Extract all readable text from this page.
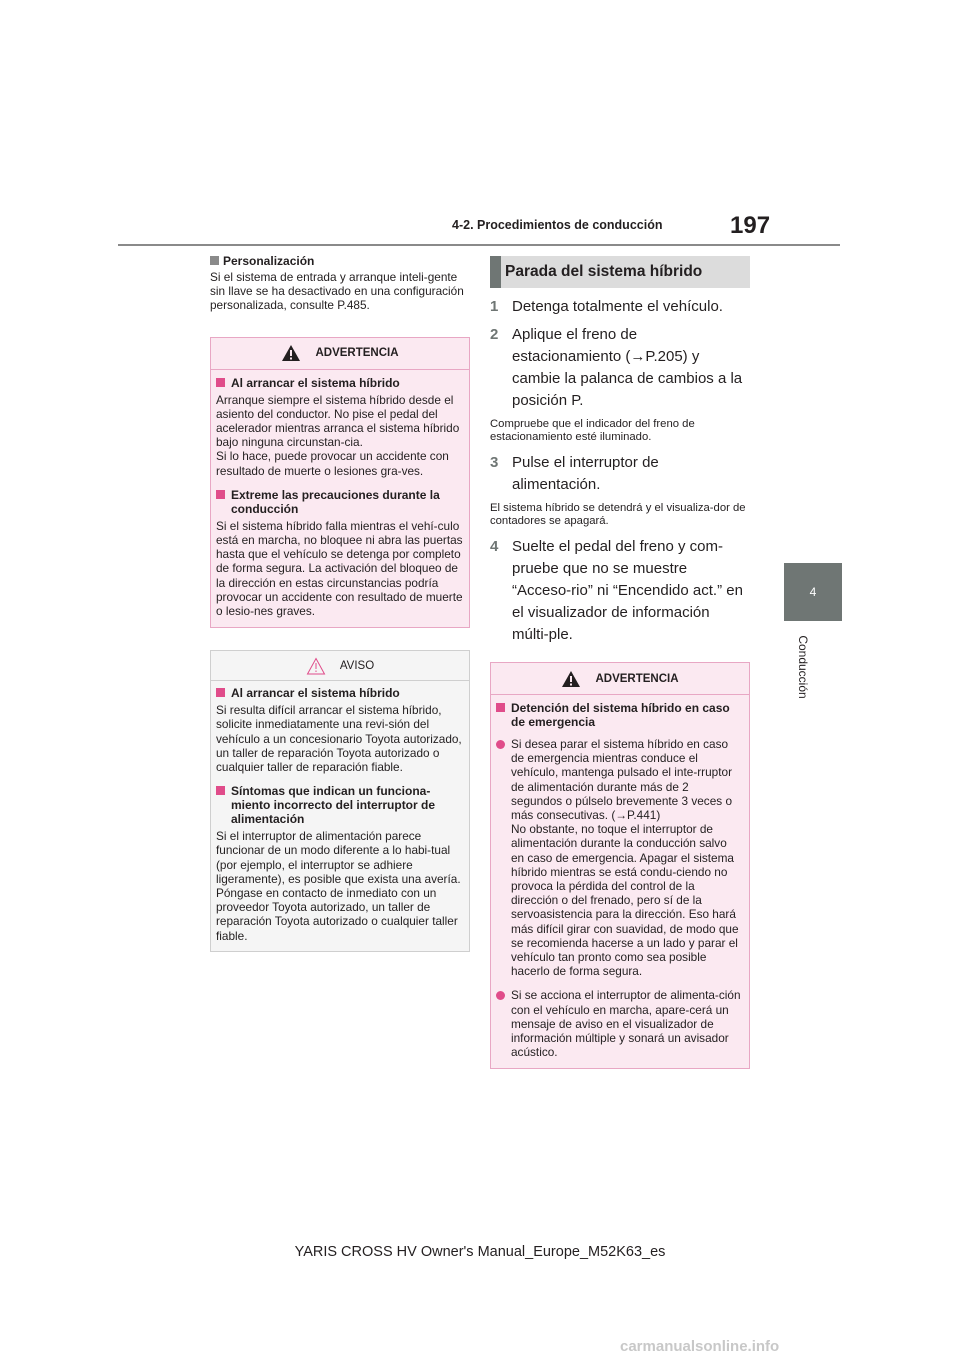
4-2. Procedimientos de conducción	197
4
Conducción
Personalización
Si el sistema de entrada y arranque inteli-gente sin llave se ha desactivado en una configuración personalizada, consulte P.485.
ADVERTENCIA
Al arrancar el sistema híbrido
Arranque siempre el sistema híbrido desde el asiento del conductor. No pise el pedal del acelerador mientras arranca el sistema híbrido bajo ninguna circunstan-cia.
Si lo hace, puede provocar un accidente con resultado de muerte o lesiones gra-ves.
Extreme las precauciones durante la conducción
Si el sistema híbrido falla mientras el vehí-culo está en marcha, no bloquee ni abra las puertas hasta que el vehículo se detenga por completo de forma segura. La activación del bloqueo de la dirección en estas circunstancias podría provocar un accidente con resultado de muerte o lesio-nes graves.
AVISO
Al arrancar el sistema híbrido
Si resulta difícil arrancar el sistema híbrido, solicite inmediatamente una revi-sión del vehículo a un concesionario Toyota autorizado, un taller de reparación Toyota autorizado o cualquier taller de reparación fiable.
Síntomas que indican un funciona-miento incorrecto del interruptor de alimentación
Si el interruptor de alimentación parece funcionar de un modo diferente a lo habi-tual (por ejemplo, el interruptor se adhiere ligeramente), es posible que exista una avería. Póngase en contacto de inmediato con un proveedor Toyota autorizado, un taller de reparación Toyota autorizado o cualquier taller fiable.
Parada del sistema híbrido
1 Detenga totalmente el vehículo.
2 Aplique el freno de estacionamiento (→P.205) y cambie la palanca de cambios a la posición P.
Compruebe que el indicador del freno de estacionamiento esté iluminado.
3 Pulse el interruptor de alimentación.
El sistema híbrido se detendrá y el visualiza-dor de contadores se apagará.
4 Suelte el pedal del freno y com-pruebe que no se muestre “Acceso-rio” ni “Encendido act.” en el visualizador de información múlti-ple.
ADVERTENCIA
Detención del sistema híbrido en caso de emergencia
Si desea parar el sistema híbrido en caso de emergencia mientras conduce el vehículo, mantenga pulsado el inte-rruptor de alimentación durante más de 2 segundos o púlselo brevemente 3 veces o más consecutivas. (→P.441)
No obstante, no toque el interruptor de alimentación durante la conducción salvo en caso de emergencia. Apagar el sistema híbrido mientras se está condu-ciendo no provoca la pérdida del control de la dirección o del frenado, pero sí de la servoasistencia para la dirección. Eso hará más difícil girar con suavidad, de modo que se recomienda hacerse a un lado y parar el vehículo tan pronto como sea posible hacerlo de forma segura.
Si se acciona el interruptor de alimenta-ción con el vehículo en marcha, apare-cerá un mensaje de aviso en el visualizador de información múltiple y sonará un avisador acústico.
YARIS CROSS HV Owner's Manual_Europe_M52K63_es
carmanualsonline.info
